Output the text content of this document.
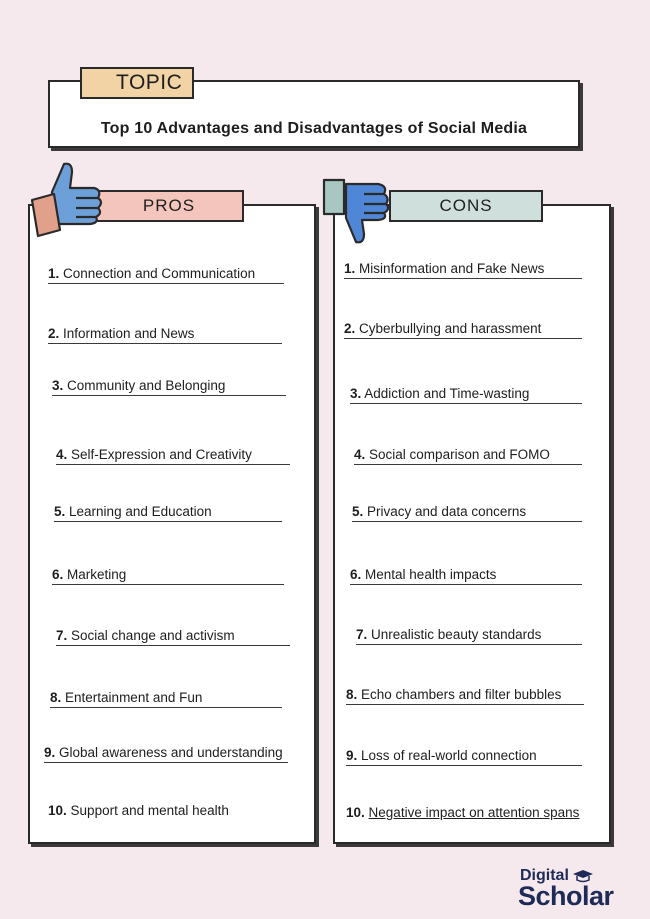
TOPIC
Top 10 Advantages and Disadvantages of Social Media
PROS	CONS
1. Connection and Communication
2. Information and News
3. Community and Belonging
4. Self-Expression and Creativity
5. Learning and Education
6. Marketing
7. Social change and activism
8. Entertainment and Fun
9. Global awareness and understanding
10. Support and mental health
1. Misinformation and Fake News
2. Cyberbullying and harassment
3. Addiction and Time-wasting
4. Social comparison and FOMO
5. Privacy and data concerns
6. Mental health impacts
7. Unrealistic beauty standards
8. Echo chambers and filter bubbles
9. Loss of real-world connection
10. Negative impact on attention spans
Digital
Scholar
